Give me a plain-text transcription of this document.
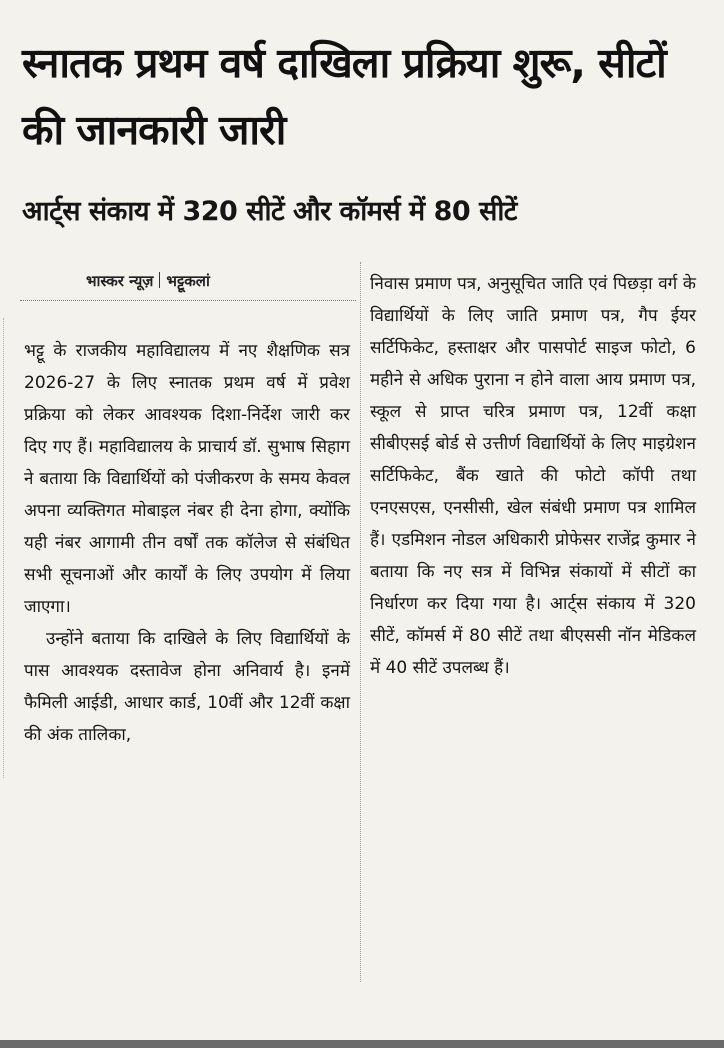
स्नातक प्रथम वर्ष दाखिला प्रक्रिया शुरू, सीटों की जानकारी जारी
आर्ट्स संकाय में 320 सीटें और कॉमर्स में 80 सीटें
भास्कर न्यूज़ भट्टूकलां

भट्टू के राजकीय महाविद्यालय में नए शैक्षणिक सत्र 2026-27 के लिए स्नातक प्रथम वर्ष में प्रवेश प्रक्रिया को लेकर आवश्यक दिशा-निर्देश जारी कर दिए गए हैं। महाविद्यालय के प्राचार्य डॉ. सुभाष सिहाग ने बताया कि विद्यार्थियों को पंजीकरण के समय केवल अपना व्यक्तिगत मोबाइल नंबर ही देना होगा, क्योंकि यही नंबर आगामी तीन वर्षों तक कॉलेज से संबंधित सभी सूचनाओं और कार्यों के लिए उपयोग में लिया जाएगा।

उन्होंने बताया कि दाखिले के लिए विद्यार्थियों के पास आवश्यक दस्तावेज होना अनिवार्य है। इनमें फैमिली आईडी, आधार कार्ड, 10वीं और 12वीं कक्षा की अंक तालिका,

निवास प्रमाण पत्र, अनुसूचित जाति एवं पिछड़ा वर्ग के विद्यार्थियों के लिए जाति प्रमाण पत्र, गैप ईयर सर्टिफिकेट, हस्ताक्षर और पासपोर्ट साइज फोटो, 6 महीने से अधिक पुराना न होने वाला आय प्रमाण पत्र, स्कूल से प्राप्त चरित्र प्रमाण पत्र, 12वीं कक्षा सीबीएसई बोर्ड से उत्तीर्ण विद्यार्थियों के लिए माइग्रेशन सर्टिफिकेट, बैंक खाते की फोटो कॉपी तथा एनएसएस, एनसीसी, खेल संबंधी प्रमाण पत्र शामिल हैं। एडमिशन नोडल अधिकारी प्रोफेसर राजेंद्र कुमार ने बताया कि नए सत्र में विभिन्न संकायों में सीटों का निर्धारण कर दिया गया है। आर्ट्स संकाय में 320 सीटें, कॉमर्स में 80 सीटें तथा बीएससी नॉन मेडिकल में 40 सीटें उपलब्ध हैं।
